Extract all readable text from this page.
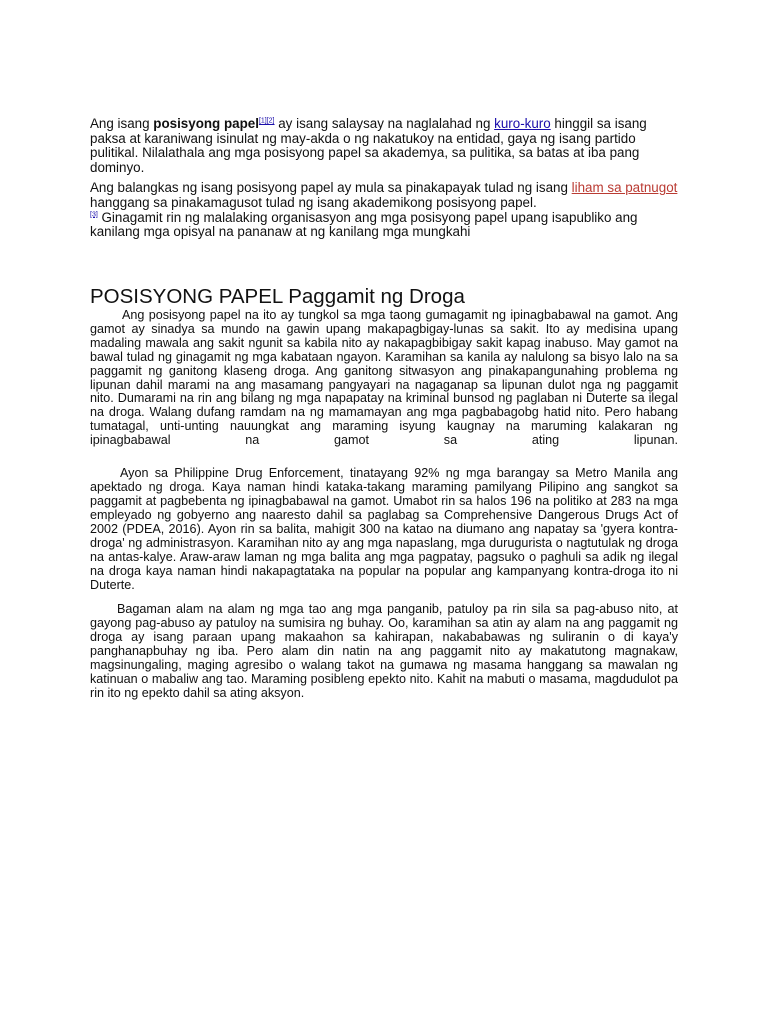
Ang isang posisyong papel[1][2] ay isang salaysay na naglalahad ng kuro-kuro hinggil sa isang paksa at karaniwang isinulat ng may-akda o ng nakatukoy na entidad, gaya ng isang partido pulitikal. Nilalathala ang mga posisyong papel sa akademya, sa pulitika, sa batas at iba pang dominyo.

Ang balangkas ng isang posisyong papel ay mula sa pinakapayak tulad ng isang liham sa patnugot hanggang sa pinakamagusot tulad ng isang akademikong posisyong papel.
[3] Ginagamit rin ng malalaking organisasyon ang mga posisyong papel upang isapubliko ang kanilang mga opisyal na pananaw at ng kanilang mga mungkahi

POSISYONG PAPEL Paggamit ng Droga

Ang posisyong papel na ito ay tungkol sa mga taong gumagamit ng ipinagbabawal na gamot. Ang gamot ay sinadya sa mundo na gawin upang makapagbigay-lunas sa sakit. Ito ay medisina upang madaling mawala ang sakit ngunit sa kabila nito ay nakapagbibigay sakit kapag inabuso. May gamot na bawal tulad ng ginagamit ng mga kabataan ngayon. Karamihan sa kanila ay nalulong sa bisyo lalo na sa paggamit ng ganitong klaseng droga. Ang ganitong sitwasyon ang pinakapangunahing problema ng lipunan dahil marami na ang masamang pangyayari na nagaganap sa lipunan dulot nga ng paggamit nito. Dumarami na rin ang bilang ng mga napapatay na kriminal bunsod ng paglaban ni Duterte sa ilegal na droga. Walang dufang ramdam na ng mamamayan ang mga pagbabagobg hatid nito. Pero habang tumatagal, unti-unting nauungkat ang maraming isyung kaugnay na maruming kalakaran ng ipinagbabawal na gamot sa ating lipunan.

Ayon sa Philippine Drug Enforcement, tinatayang 92% ng mga barangay sa Metro Manila ang apektado ng droga. Kaya naman hindi kataka-takang maraming pamilyang Pilipino ang sangkot sa paggamit at pagbebenta ng ipinagbabawal na gamot. Umabot rin sa halos 196 na politiko at 283 na mga empleyado ng gobyerno ang naaresto dahil sa paglabag sa Comprehensive Dangerous Drugs Act of 2002 (PDEA, 2016). Ayon rin sa balita, mahigit 300 na katao na diumano ang napatay sa 'gyera kontra-droga' ng administrasyon. Karamihan nito ay ang mga napaslang, mga durugurista o nagtutulak ng droga na antas-kalye. Araw-araw laman ng mga balita ang mga pagpatay, pagsuko o paghuli sa adik ng ilegal na droga kaya naman hindi nakapagtataka na popular na popular ang kampanyang kontra-droga ito ni Duterte.

Bagaman alam na alam ng mga tao ang mga panganib, patuloy pa rin sila sa pag-abuso nito, at gayong pag-abuso ay patuloy na sumisira ng buhay. Oo, karamihan sa atin ay alam na ang paggamit ng droga ay isang paraan upang makaahon sa kahirapan, nakababawas ng suliranin o di kaya'y panghanapbuhay ng iba. Pero alam din natin na ang paggamit nito ay makatutong magnakaw, magsinungaling, maging agresibo o walang takot na gumawa ng masama hanggang sa mawalan ng katinuan o mabaliw ang tao. Maraming posibleng epekto nito. Kahit na mabuti o masama, magdudulot pa rin ito ng epekto dahil sa ating aksyon.
